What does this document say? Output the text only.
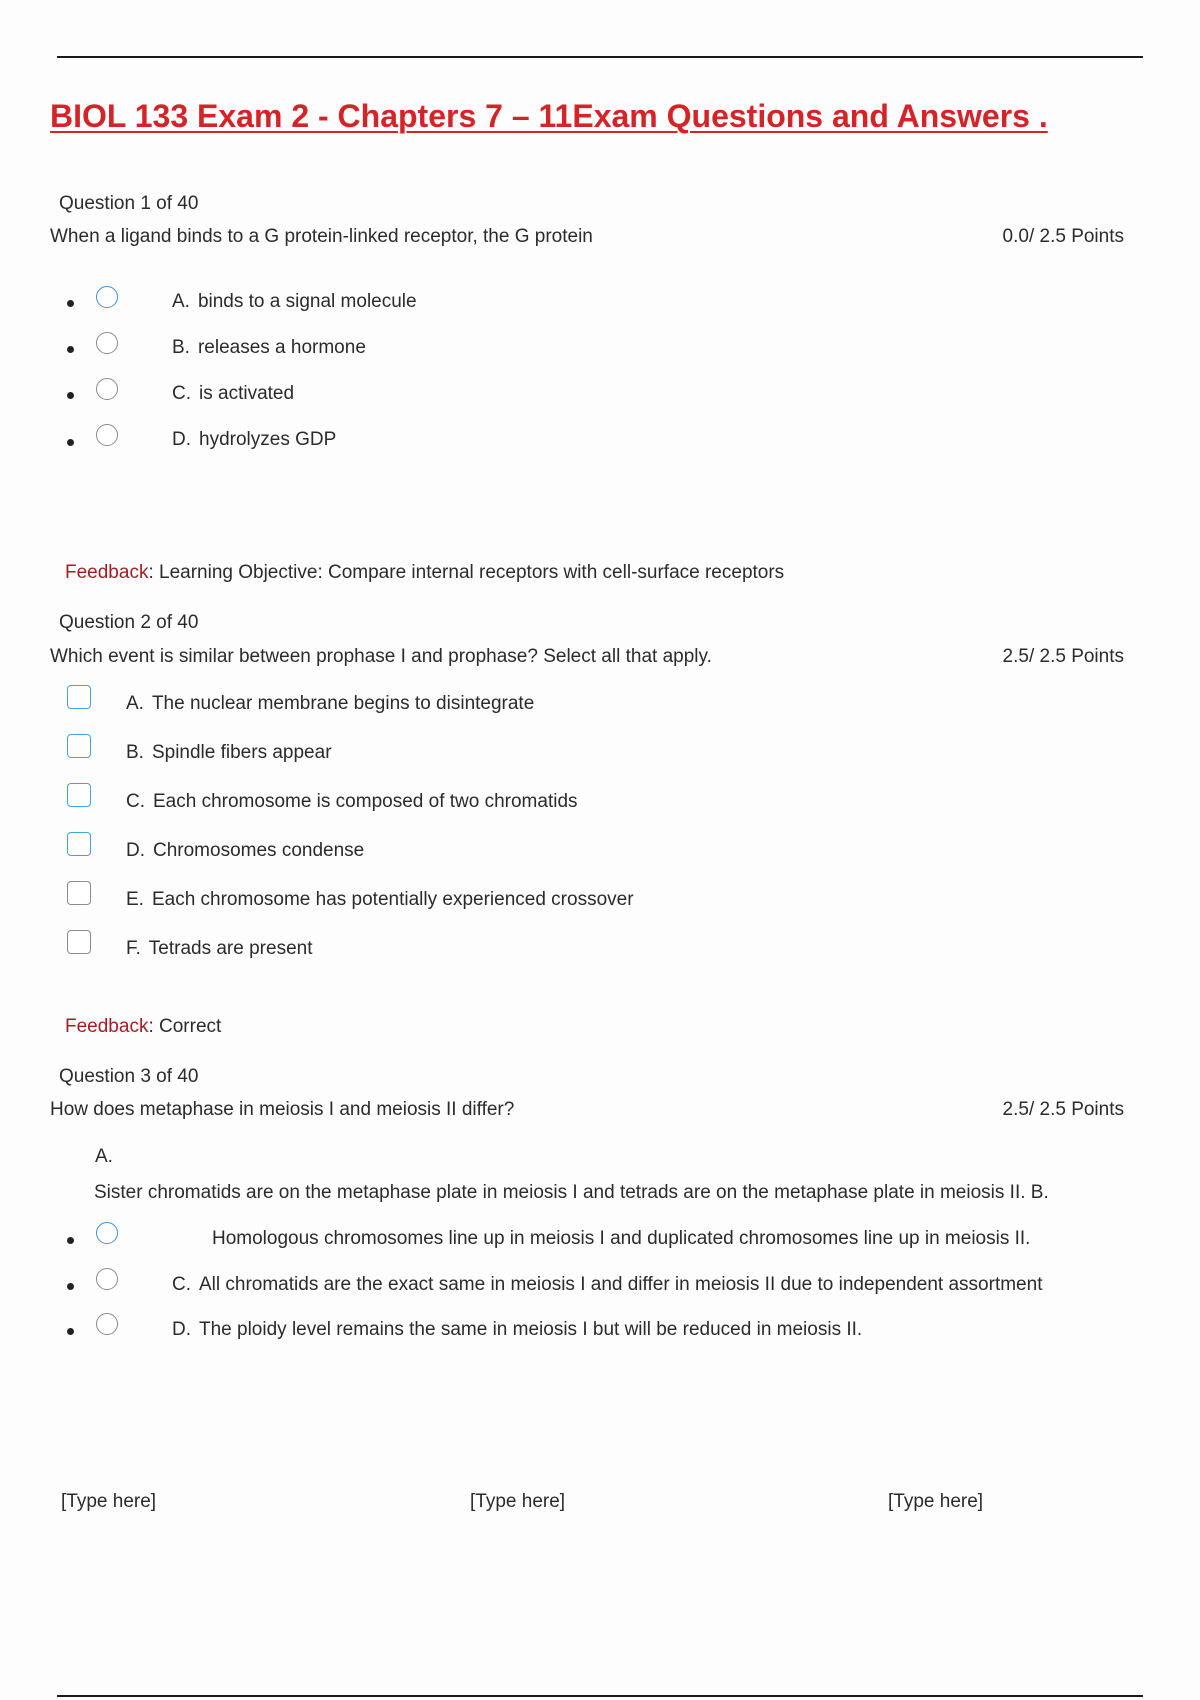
BIOL 133 Exam 2 - Chapters 7 – 11Exam Questions and Answers .
Question 1 of 40
When a ligand binds to a G protein-linked receptor, the G protein	0.0/ 2.5 Points
A. binds to a signal molecule
B. releases a hormone
C. is activated
D. hydrolyzes GDP
Feedback: Learning Objective: Compare internal receptors with cell-surface receptors
Question 2 of 40
Which event is similar between prophase I and prophase? Select all that apply.	2.5/ 2.5 Points
A. The nuclear membrane begins to disintegrate
B. Spindle fibers appear
C. Each chromosome is composed of two chromatids
D. Chromosomes condense
E. Each chromosome has potentially experienced crossover
F. Tetrads are present
Feedback: Correct
Question 3 of 40
How does metaphase in meiosis I and meiosis II differ?	2.5/ 2.5 Points
A.
Sister chromatids are on the metaphase plate in meiosis I and tetrads are on the metaphase plate in meiosis II. B.
Homologous chromosomes line up in meiosis I and duplicated chromosomes line up in meiosis II.
C. All chromatids are the exact same in meiosis I and differ in meiosis II due to independent assortment
D. The ploidy level remains the same in meiosis I but will be reduced in meiosis II.
[Type here]	[Type here]	[Type here]
